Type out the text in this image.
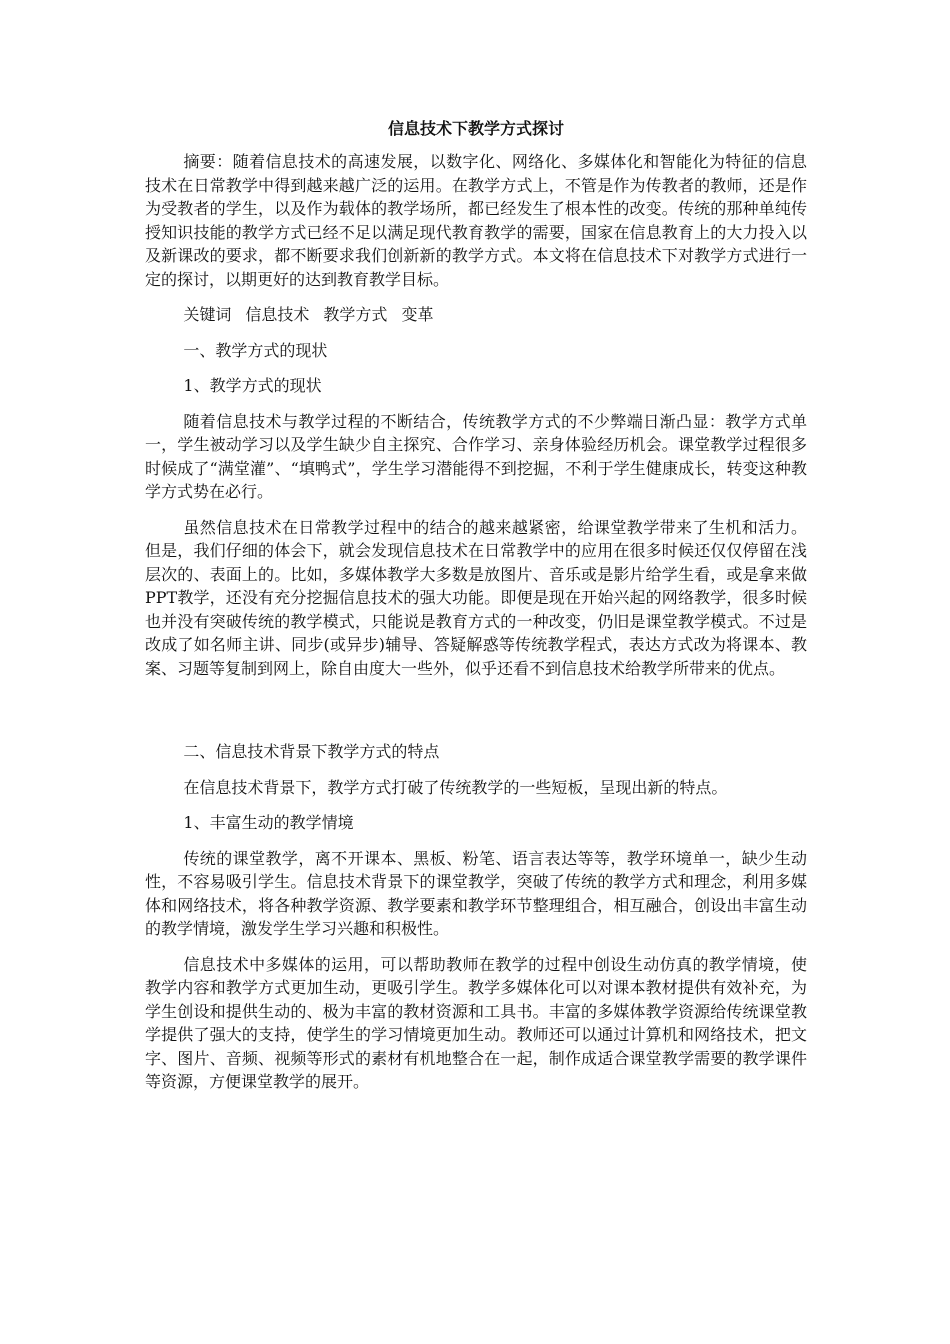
信息技术下教学方式探讨

摘要：随着信息技术的高速发展，以数字化、网络化、多媒体化和智能化为特征的信息技术在日常教学中得到越来越广泛的运用。在教学方式上，不管是作为传教者的教师，还是作为受教者的学生，以及作为载体的教学场所，都已经发生了根本性的改变。传统的那种单纯传授知识技能的教学方式已经不足以满足现代教育教学的需要，国家在信息教育上的大力投入以及新课改的要求，都不断要求我们创新新的教学方式。本文将在信息技术下对教学方式进行一定的探讨，以期更好的达到教育教学目标。

关键词 信息技术 教学方式 变革

一、教学方式的现状

1、教学方式的现状

随着信息技术与教学过程的不断结合，传统教学方式的不少弊端日渐凸显：教学方式单一，学生被动学习以及学生缺少自主探究、合作学习、亲身体验经历机会。课堂教学过程很多时候成了“满堂灌”、“填鸭式”，学生学习潜能得不到挖掘，不利于学生健康成长，转变这种教学方式势在必行。

虽然信息技术在日常教学过程中的结合的越来越紧密，给课堂教学带来了生机和活力。但是，我们仔细的体会下，就会发现信息技术在日常教学中的应用在很多时候还仅仅停留在浅层次的、表面上的。比如，多媒体教学大多数是放图片、音乐或是影片给学生看，或是拿来做PPT教学，还没有充分挖掘信息技术的强大功能。即便是现在开始兴起的网络教学，很多时候也并没有突破传统的教学模式，只能说是教育方式的一种改变，仍旧是课堂教学模式。不过是改成了如名师主讲、同步(或异步)辅导、答疑解惑等传统教学程式，表达方式改为将课本、教案、习题等复制到网上，除自由度大一些外，似乎还看不到信息技术给教学所带来的优点。

二、信息技术背景下教学方式的特点

在信息技术背景下，教学方式打破了传统教学的一些短板，呈现出新的特点。

1、丰富生动的教学情境

传统的课堂教学，离不开课本、黑板、粉笔、语言表达等等，教学环境单一，缺少生动性，不容易吸引学生。信息技术背景下的课堂教学，突破了传统的教学方式和理念，利用多媒体和网络技术，将各种教学资源、教学要素和教学环节整理组合，相互融合，创设出丰富生动的教学情境，激发学生学习兴趣和积极性。

信息技术中多媒体的运用，可以帮助教师在教学的过程中创设生动仿真的教学情境，使教学内容和教学方式更加生动，更吸引学生。教学多媒体化可以对课本教材提供有效补充，为学生创设和提供生动的、极为丰富的教材资源和工具书。丰富的多媒体教学资源给传统课堂教学提供了强大的支持，使学生的学习情境更加生动。教师还可以通过计算机和网络技术，把文字、图片、音频、视频等形式的素材有机地整合在一起，制作成适合课堂教学需要的教学课件等资源，方便课堂教学的展开。
